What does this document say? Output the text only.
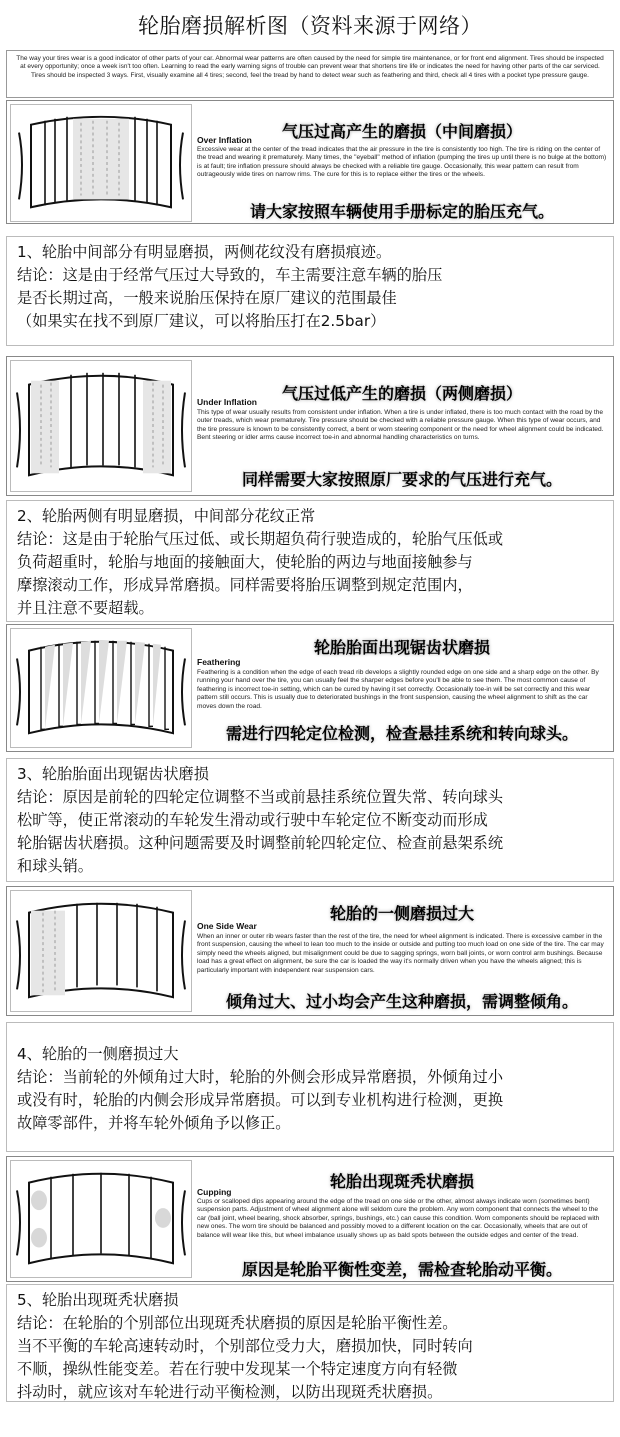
轮胎磨损解析图（资料来源于网络）
The way your tires wear is a good indicator of other parts of your car. Abnormal wear patterns are often caused by the need for simple tire maintenance, or for front end alignment. Tires should be inspected at every opportunity; once a week isn't too often. Learning to read the early warning signs of trouble can prevent wear that shortens tire life or indicates the need for having other parts of the car serviced. Tires should be inspected 3 ways. First, visually examine all 4 tires; second, feel the tread by hand to detect wear such as feathering and third, check all 4 tires with a pocket type pressure gauge.
气压过高产生的磨损（中间磨损）
Over Inflation
Excessive wear at the center of the tread indicates that the air pressure in the tire is consistently too high. The tire is riding on the center of the tread and wearing it prematurely. Many times, the "eyeball" method of inflation (pumping the tires up until there is no bulge at the bottom) is at fault; tire inflation pressure should always be checked with a reliable tire gauge. Occasionally, this wear pattern can result from outrageously wide tires on narrow rims. The cure for this is to replace either the tires or the wheels.
请大家按照车辆使用手册标定的胎压充气。

1、轮胎中间部分有明显磨损，两侧花纹没有磨损痕迹。

结论：这是由于经常气压过大导致的，车主需要注意车辆的胎压

是否长期过高，一般来说胎压保持在原厂建议的范围最佳

（如果实在找不到原厂建议，可以将胎压打在2.5bar）

气压过低产生的磨损（两侧磨损）
Under Inflation
This type of wear usually results from consistent under inflation. When a tire is under inflated, there is too much contact with the road by the outer treads, which wear prematurely. Tire pressure should be checked with a reliable pressure gauge. When this type of wear occurs, and the tire pressure is known to be consistently correct, a bent or worn steering component or the need for wheel alignment could be indicated. Bent steering or idler arms cause incorrect toe-in and abnormal handling characteristics on turns.
同样需要大家按照原厂要求的气压进行充气。

2、轮胎两侧有明显磨损，中间部分花纹正常

结论：这是由于轮胎气压过低、或长期超负荷行驶造成的，轮胎气压低或

负荷超重时，轮胎与地面的接触面大，使轮胎的两边与地面接触参与

摩擦滚动工作，形成异常磨损。同样需要将胎压调整到规定范围内，

并且注意不要超载。

轮胎胎面出现锯齿状磨损
Feathering
Feathering is a condition when the edge of each tread rib develops a slightly rounded edge on one side and a sharp edge on the other. By running your hand over the tire, you can usually feel the sharper edges before you'll be able to see them. The most common cause of feathering is incorrect toe-in setting, which can be cured by having it set correctly. Occasionally toe-in will be set correctly and this wear pattern still occurs. This is usually due to deteriorated bushings in the front suspension, causing the wheel alignment to shift as the car moves down the road.
需进行四轮定位检测，检查悬挂系统和转向球头。

3、轮胎胎面出现锯齿状磨损

结论：原因是前轮的四轮定位调整不当或前悬挂系统位置失常、转向球头

松旷等，使正常滚动的车轮发生滑动或行驶中车轮定位不断变动而形成

轮胎锯齿状磨损。这种问题需要及时调整前轮四轮定位、检查前悬架系统

和球头销。

轮胎的一侧磨损过大
One Side Wear
When an inner or outer rib wears faster than the rest of the tire, the need for wheel alignment is indicated. There is excessive camber in the front suspension, causing the wheel to lean too much to the inside or outside and putting too much load on one side of the tire. The car may simply need the wheels aligned, but misalignment could be due to sagging springs, worn ball joints, or worn control arm bushings. Because load has a great effect on alignment, be sure the car is loaded the way it's normally driven when you have the wheels aligned; this is particularly important with independent rear suspension cars.
倾角过大、过小均会产生这种磨损，需调整倾角。

4、轮胎的一侧磨损过大

结论：当前轮的外倾角过大时，轮胎的外侧会形成异常磨损，外倾角过小

或没有时，轮胎的内侧会形成异常磨损。可以到专业机构进行检测，更换

故障零部件，并将车轮外倾角予以修正。

轮胎出现斑秃状磨损
Cupping
Cups or scalloped dips appearing around the edge of the tread on one side or the other, almost always indicate worn (sometimes bent) suspension parts. Adjustment of wheel alignment alone will seldom cure the problem. Any worn component that connects the wheel to the car (ball joint, wheel bearing, shock absorber, springs, bushings, etc.) can cause this condition. Worn components should be replaced with new ones. The worn tire should be balanced and possibly moved to a different location on the car. Occasionally, wheels that are out of balance will wear like this, but wheel imbalance usually shows up as bald spots between the outside edges and center of the tread.
原因是轮胎平衡性变差，需检查轮胎动平衡。

5、轮胎出现斑秃状磨损

结论：在轮胎的个别部位出现斑秃状磨损的原因是轮胎平衡性差。

当不平衡的车轮高速转动时，个别部位受力大，磨损加快，同时转向

不顺，操纵性能变差。若在行驶中发现某一个特定速度方向有轻微

抖动时，就应该对车轮进行动平衡检测，以防出现斑秃状磨损。
